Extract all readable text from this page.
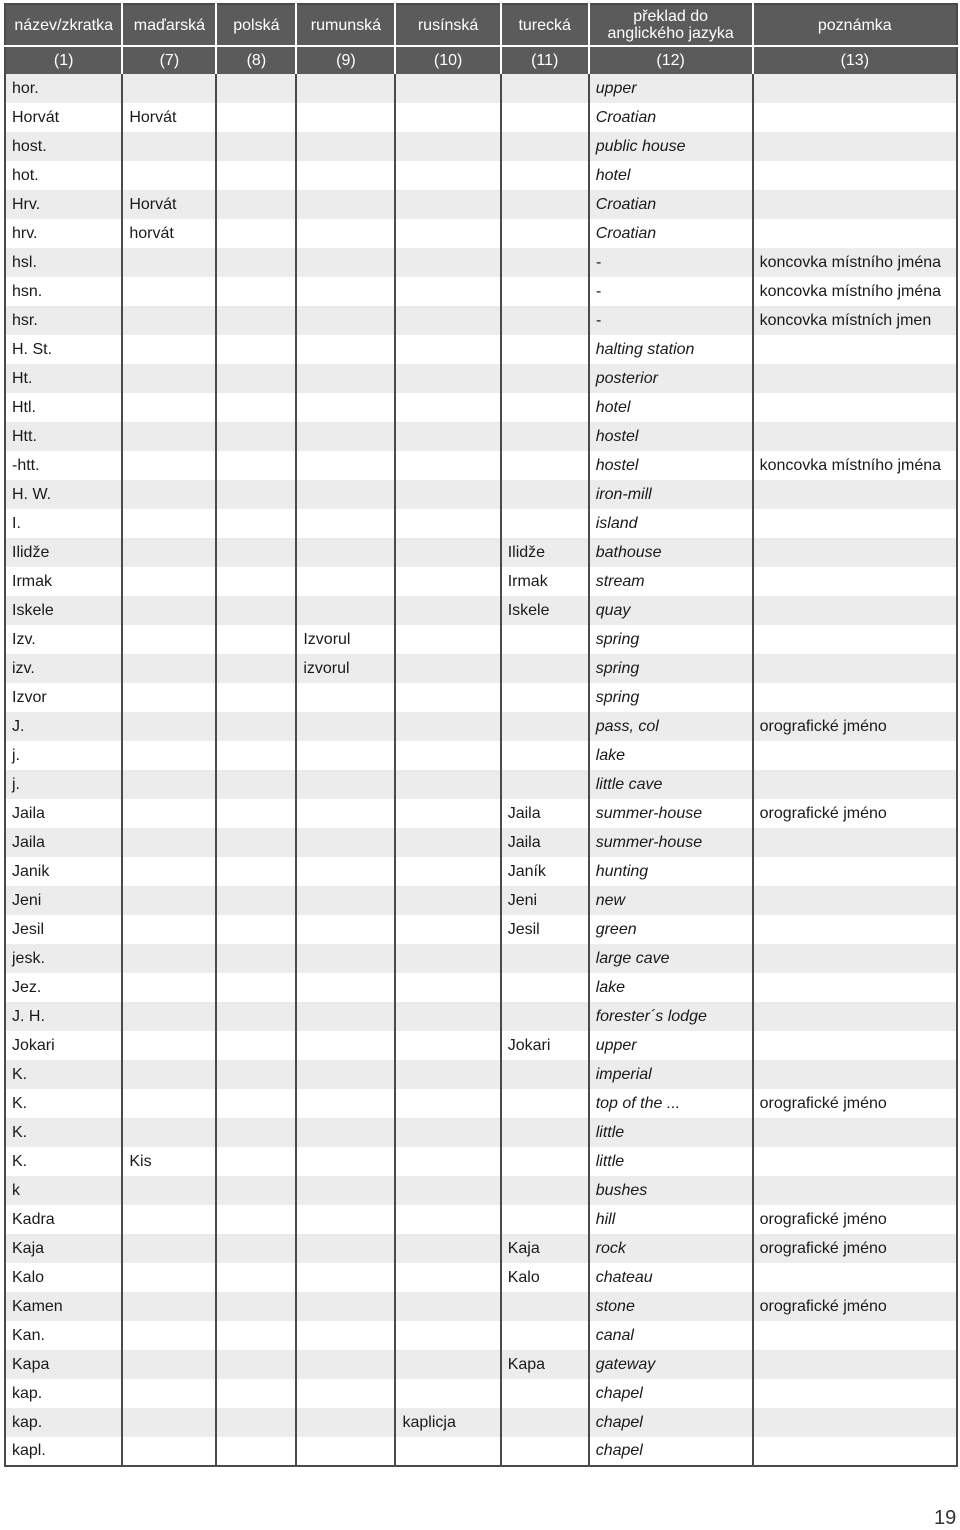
název/zkratka	maďarská	polská	rumunská	rusínská	turecká	překlad do anglického jazyka	poznámka
(1)	(7)	(8)	(9)	(10)	(11)	(12)	(13)
hor.						upper	
Horvát	Horvát					Croatian	
host.						public house	
hot.						hotel	
Hrv.	Horvát					Croatian	
hrv.	horvát					Croatian	
hsl.						-	koncovka místního jména
hsn.						-	koncovka místního jména
hsr.						-	koncovka místních jmen
H. St.						halting station	
Ht.						posterior	
Htl.						hotel	
Htt.						hostel	
-htt.						hostel	koncovka místního jména
H. W.						iron-mill	
I.						island	
Ilidže					Ilidže	bathouse	
Irmak					Irmak	stream	
Iskele					Iskele	quay	
Izv.			Izvorul			spring	
izv.			izvorul			spring	
Izvor						spring	
J.						pass, col	orografické jméno
j.						lake	
j.						little cave	
Jaila					Jaila	summer-house	orografické jméno
Jaila					Jaila	summer-house	
Janik					Janík	hunting	
Jeni					Jeni	new	
Jesil					Jesil	green	
jesk.						large cave	
Jez.						lake	
J. H.						forester´s lodge	
Jokari					Jokari	upper	
K.						imperial	
K.						top of the ...	orografické jméno
K.						little	
K.	Kis					little	
k						bushes	
Kadra						hill	orografické jméno
Kaja					Kaja	rock	orografické jméno
Kalo					Kalo	chateau	
Kamen						stone	orografické jméno
Kan.						canal	
Kapa					Kapa	gateway	
kap.						chapel	
kap.				kaplicja		chapel	
kapl.						chapel	
19
